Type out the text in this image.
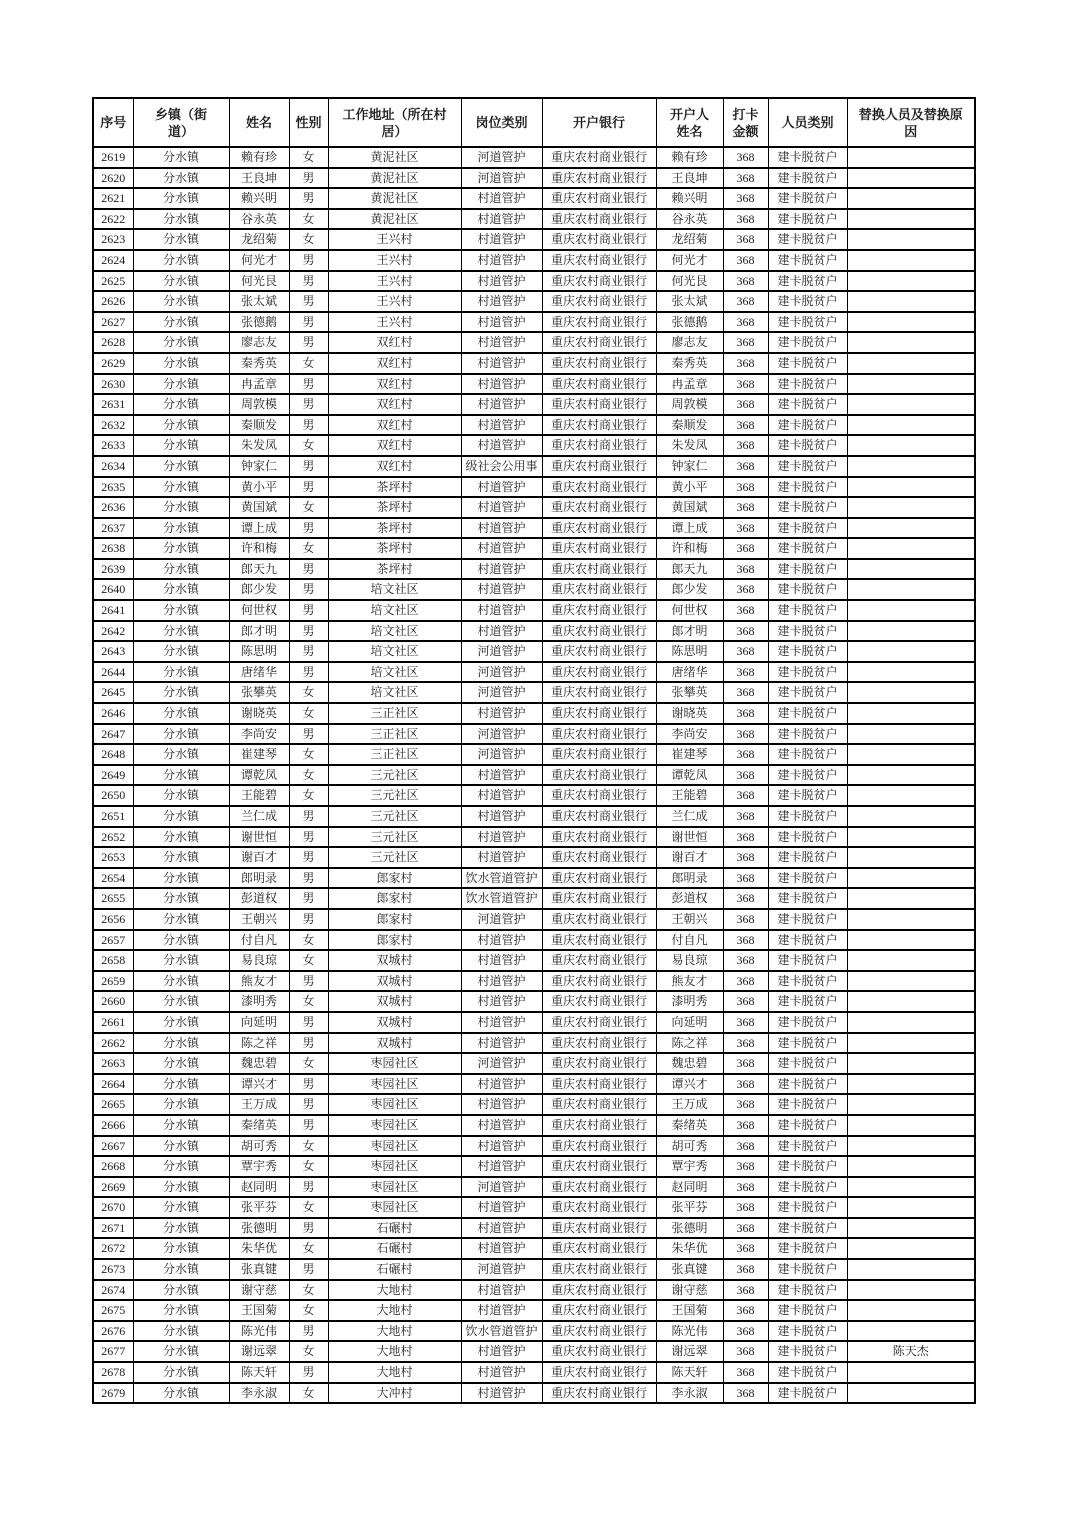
序号	乡镇（街道）	姓名	性别	工作地址（所在村居）	岗位类别	开户银行	开户人姓名	打卡金额	人员类别	替换人员及替换原因
2619	分水镇	赖有珍	女	黄泥社区	河道管护	重庆农村商业银行	赖有珍	368	建卡脱贫户	
2620	分水镇	王良坤	男	黄泥社区	河道管护	重庆农村商业银行	王良坤	368	建卡脱贫户	
2621	分水镇	赖兴明	男	黄泥社区	村道管护	重庆农村商业银行	赖兴明	368	建卡脱贫户	
2622	分水镇	谷永英	女	黄泥社区	村道管护	重庆农村商业银行	谷永英	368	建卡脱贫户	
2623	分水镇	龙绍菊	女	王兴村	村道管护	重庆农村商业银行	龙绍菊	368	建卡脱贫户	
2624	分水镇	何光才	男	王兴村	村道管护	重庆农村商业银行	何光才	368	建卡脱贫户	
2625	分水镇	何光艮	男	王兴村	村道管护	重庆农村商业银行	何光艮	368	建卡脱贫户	
2626	分水镇	张太斌	男	王兴村	村道管护	重庆农村商业银行	张太斌	368	建卡脱贫户	
2627	分水镇	张德鹅	男	王兴村	村道管护	重庆农村商业银行	张德鹅	368	建卡脱贫户	
2628	分水镇	廖志友	男	双红村	村道管护	重庆农村商业银行	廖志友	368	建卡脱贫户	
2629	分水镇	秦秀英	女	双红村	村道管护	重庆农村商业银行	秦秀英	368	建卡脱贫户	
2630	分水镇	冉孟章	男	双红村	村道管护	重庆农村商业银行	冉孟章	368	建卡脱贫户	
2631	分水镇	周敦模	男	双红村	村道管护	重庆农村商业银行	周敦模	368	建卡脱贫户	
2632	分水镇	秦顺发	男	双红村	村道管护	重庆农村商业银行	秦顺发	368	建卡脱贫户	
2633	分水镇	朱发凤	女	双红村	村道管护	重庆农村商业银行	朱发凤	368	建卡脱贫户	
2634	分水镇	钟家仁	男	双红村	级社会公用事	重庆农村商业银行	钟家仁	368	建卡脱贫户	
2635	分水镇	黄小平	男	茶坪村	村道管护	重庆农村商业银行	黄小平	368	建卡脱贫户	
2636	分水镇	黄国斌	女	茶坪村	村道管护	重庆农村商业银行	黄国斌	368	建卡脱贫户	
2637	分水镇	谭上成	男	茶坪村	村道管护	重庆农村商业银行	谭上成	368	建卡脱贫户	
2638	分水镇	许和梅	女	茶坪村	村道管护	重庆农村商业银行	许和梅	368	建卡脱贫户	
2639	分水镇	郎天九	男	茶坪村	村道管护	重庆农村商业银行	郎天九	368	建卡脱贫户	
2640	分水镇	郎少发	男	培文社区	村道管护	重庆农村商业银行	郎少发	368	建卡脱贫户	
2641	分水镇	何世权	男	培文社区	村道管护	重庆农村商业银行	何世权	368	建卡脱贫户	
2642	分水镇	郎才明	男	培文社区	村道管护	重庆农村商业银行	郎才明	368	建卡脱贫户	
2643	分水镇	陈思明	男	培文社区	河道管护	重庆农村商业银行	陈思明	368	建卡脱贫户	
2644	分水镇	唐绪华	男	培文社区	河道管护	重庆农村商业银行	唐绪华	368	建卡脱贫户	
2645	分水镇	张攀英	女	培文社区	河道管护	重庆农村商业银行	张攀英	368	建卡脱贫户	
2646	分水镇	谢晓英	女	三正社区	村道管护	重庆农村商业银行	谢晓英	368	建卡脱贫户	
2647	分水镇	李尚安	男	三正社区	河道管护	重庆农村商业银行	李尚安	368	建卡脱贫户	
2648	分水镇	崔建琴	女	三正社区	河道管护	重庆农村商业银行	崔建琴	368	建卡脱贫户	
2649	分水镇	谭乾凤	女	三元社区	村道管护	重庆农村商业银行	谭乾凤	368	建卡脱贫户	
2650	分水镇	王能碧	女	三元社区	村道管护	重庆农村商业银行	王能碧	368	建卡脱贫户	
2651	分水镇	兰仁成	男	三元社区	村道管护	重庆农村商业银行	兰仁成	368	建卡脱贫户	
2652	分水镇	谢世恒	男	三元社区	村道管护	重庆农村商业银行	谢世恒	368	建卡脱贫户	
2653	分水镇	谢百才	男	三元社区	村道管护	重庆农村商业银行	谢百才	368	建卡脱贫户	
2654	分水镇	郎明录	男	郎家村	饮水管道管护	重庆农村商业银行	郎明录	368	建卡脱贫户	
2655	分水镇	彭道权	男	郎家村	饮水管道管护	重庆农村商业银行	彭道权	368	建卡脱贫户	
2656	分水镇	王朝兴	男	郎家村	河道管护	重庆农村商业银行	王朝兴	368	建卡脱贫户	
2657	分水镇	付自凡	女	郎家村	村道管护	重庆农村商业银行	付自凡	368	建卡脱贫户	
2658	分水镇	易良琼	女	双城村	村道管护	重庆农村商业银行	易良琼	368	建卡脱贫户	
2659	分水镇	熊友才	男	双城村	村道管护	重庆农村商业银行	熊友才	368	建卡脱贫户	
2660	分水镇	漆明秀	女	双城村	村道管护	重庆农村商业银行	漆明秀	368	建卡脱贫户	
2661	分水镇	向延明	男	双城村	村道管护	重庆农村商业银行	向延明	368	建卡脱贫户	
2662	分水镇	陈之祥	男	双城村	村道管护	重庆农村商业银行	陈之祥	368	建卡脱贫户	
2663	分水镇	魏忠碧	女	枣园社区	河道管护	重庆农村商业银行	魏忠碧	368	建卡脱贫户	
2664	分水镇	谭兴才	男	枣园社区	村道管护	重庆农村商业银行	谭兴才	368	建卡脱贫户	
2665	分水镇	王万成	男	枣园社区	村道管护	重庆农村商业银行	王万成	368	建卡脱贫户	
2666	分水镇	秦绪英	男	枣园社区	村道管护	重庆农村商业银行	秦绪英	368	建卡脱贫户	
2667	分水镇	胡可秀	女	枣园社区	村道管护	重庆农村商业银行	胡可秀	368	建卡脱贫户	
2668	分水镇	覃宇秀	女	枣园社区	村道管护	重庆农村商业银行	覃宇秀	368	建卡脱贫户	
2669	分水镇	赵同明	男	枣园社区	河道管护	重庆农村商业银行	赵同明	368	建卡脱贫户	
2670	分水镇	张平芬	女	枣园社区	村道管护	重庆农村商业银行	张平芬	368	建卡脱贫户	
2671	分水镇	张德明	男	石碾村	村道管护	重庆农村商业银行	张德明	368	建卡脱贫户	
2672	分水镇	朱华优	女	石碾村	村道管护	重庆农村商业银行	朱华优	368	建卡脱贫户	
2673	分水镇	张真键	男	石碾村	河道管护	重庆农村商业银行	张真键	368	建卡脱贫户	
2674	分水镇	谢守慈	女	大地村	村道管护	重庆农村商业银行	谢守慈	368	建卡脱贫户	
2675	分水镇	王国菊	女	大地村	村道管护	重庆农村商业银行	王国菊	368	建卡脱贫户	
2676	分水镇	陈光伟	男	大地村	饮水管道管护	重庆农村商业银行	陈光伟	368	建卡脱贫户	
2677	分水镇	谢远翠	女	大地村	村道管护	重庆农村商业银行	谢远翠	368	建卡脱贫户	陈天杰
2678	分水镇	陈天轩	男	大地村	村道管护	重庆农村商业银行	陈天轩	368	建卡脱贫户	
2679	分水镇	李永淑	女	大冲村	村道管护	重庆农村商业银行	李永淑	368	建卡脱贫户	
